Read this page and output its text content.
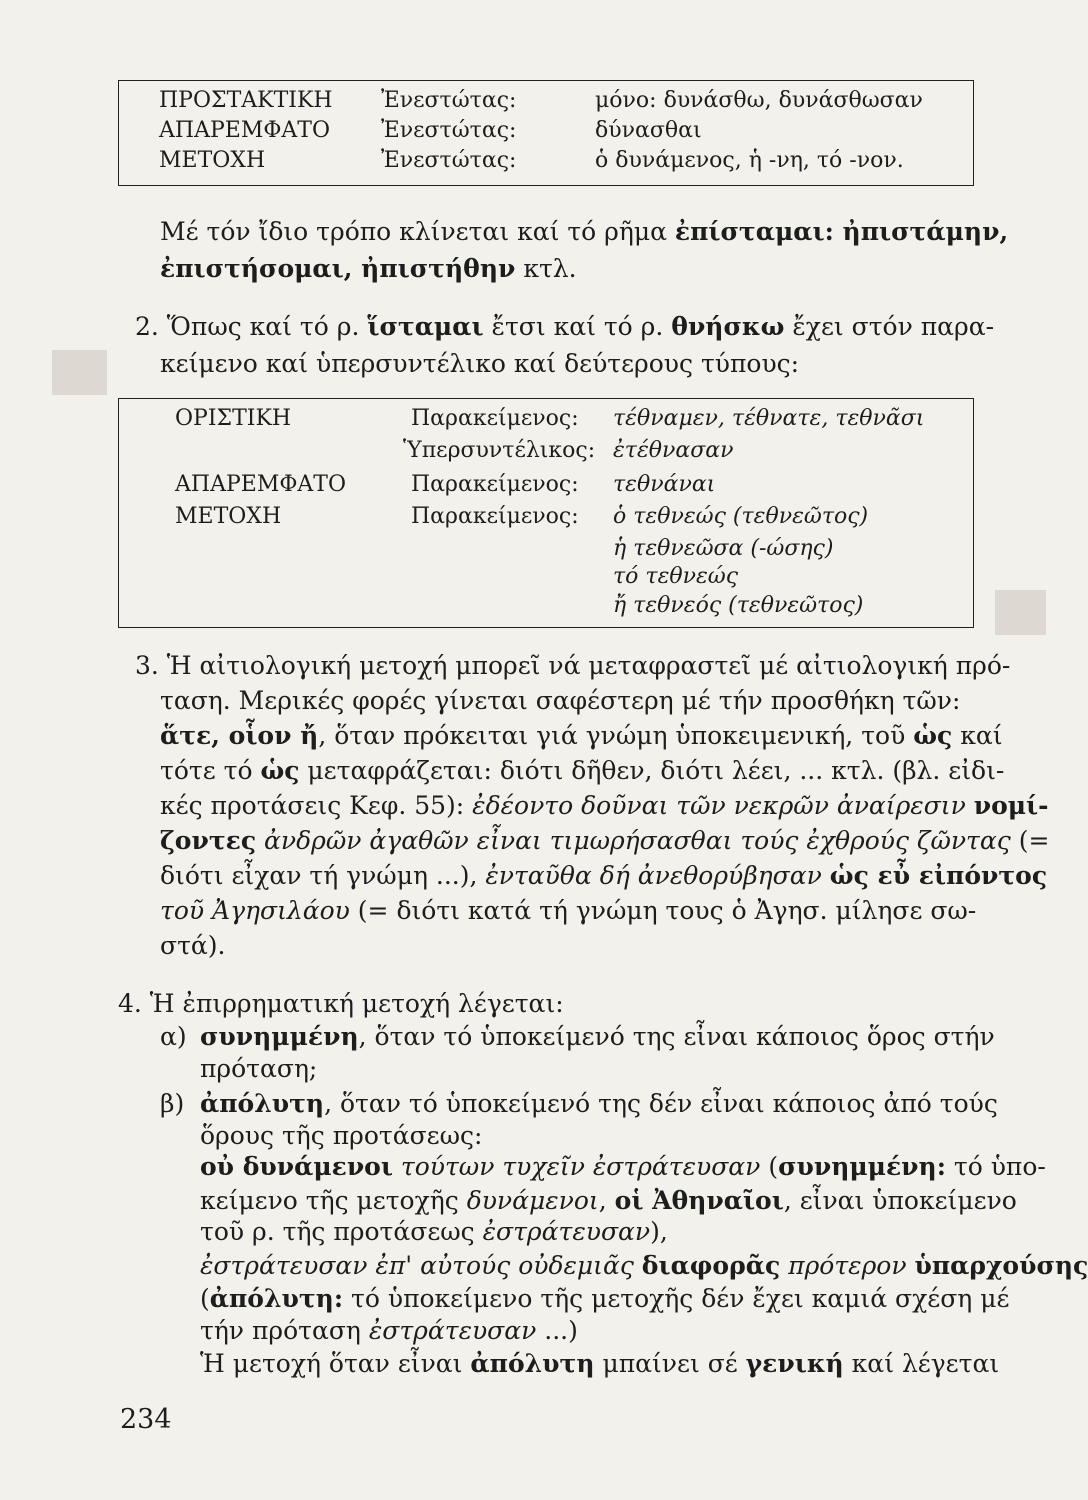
ΠΡΟΣΤΑΚΤΙΚΗ Ἐνεστώτας:	μόνο: δυνάσθω, δυνάσθωσαν
ΑΠΑΡΕΜΦΑΤΟ Ἐνεστώτας:	δύνασθαι
ΜΕΤΟΧΗ	Ἐνεστώτας:	ὁ δυνάμενος, ἡ -νη, τό -νον.
Μέ τόν ἴδιο τρόπο κλίνεται καί τό ρῆμα ἐπίσταμαι: ἠπιστάμην,
ἐπιστήσομαι, ἠπιστήθην κτλ.
2. Ὅπως καί τό ρ. ἵσταμαι ἔτσι καί τό ρ. θνήσκω ἔχει στόν παρα-
κείμενο καί ὑπερσυντέλικο καί δεύτερους τύπους:
ΟΡΙΣΤΙΚΗ	Παρακείμενος: τέθναμεν, τέθνατε, τεθνᾶσι
Ὑπερσυντέλικος: ἐτέθνασαν
ΑΠΑΡΕΜΦΑΤΟ	Παρακείμενος: τεθνάναι
ΜΕΤΟΧΗ	Παρακείμενος: ὁ τεθνεώς (τεθνεῶτος)
ἡ τεθνεῶσα (-ώσης)
τό τεθνεώς
ἤ τεθνεός (τεθνεῶτος)
3. Ἡ αἰτιολογική μετοχή μπορεῖ νά μεταφραστεῖ μέ αἰτιολογική πρό-
ταση. Μερικές φορές γίνεται σαφέστερη μέ τήν προσθήκη τῶν:
ἅτε, οἷον ἤ, ὅταν πρόκειται γιά γνώμη ὑποκειμενική, τοῦ ὡς καί
τότε τό ὡς μεταφράζεται: διότι δῆθεν, διότι λέει, ... κτλ. (βλ. εἰδι-
κές προτάσεις Κεφ. 55): ἐδέοντο δοῦναι τῶν νεκρῶν ἀναίρεσιν νομί-
ζοντες ἀνδρῶν ἀγαθῶν εἶναι τιμωρήσασθαι τούς ἐχθρούς ζῶντας (=
διότι εἶχαν τή γνώμη ...), ἐνταῦθα δή ἀνεθορύβησαν ὡς εὖ εἰπόντος
τοῦ Ἀγησιλάου (= διότι κατά τή γνώμη τους ὁ Ἀγησ. μίλησε σω-
στά).
4. Ἡ ἐπιρρηματική μετοχή λέγεται:
α) συνημμένη, ὅταν τό ὑποκείμενό της εἶναι κάποιος ὅρος στήν
πρόταση;
β) ἀπόλυτη, ὅταν τό ὑποκείμενό της δέν εἶναι κάποιος ἀπό τούς
ὅρους τῆς προτάσεως:
οὐ δυνάμενοι τούτων τυχεῖν ἐστράτευσαν (συνημμένη: τό ὑπο-
κείμενο τῆς μετοχῆς δυνάμενοι, οἱ Ἀθηναῖοι, εἶναι ὑποκείμενο
τοῦ ρ. τῆς προτάσεως ἐστράτευσαν),
ἐστράτευσαν ἐπ' αὐτούς οὐδεμιᾶς διαφορᾶς πρότερον ὑπαρχούσης
(ἀπόλυτη: τό ὑποκείμενο τῆς μετοχῆς δέν ἔχει καμιά σχέση μέ
τήν πρόταση ἐστράτευσαν ...)
Ἡ μετοχή ὅταν εἶναι ἀπόλυτη μπαίνει σέ γενική καί λέγεται
234
